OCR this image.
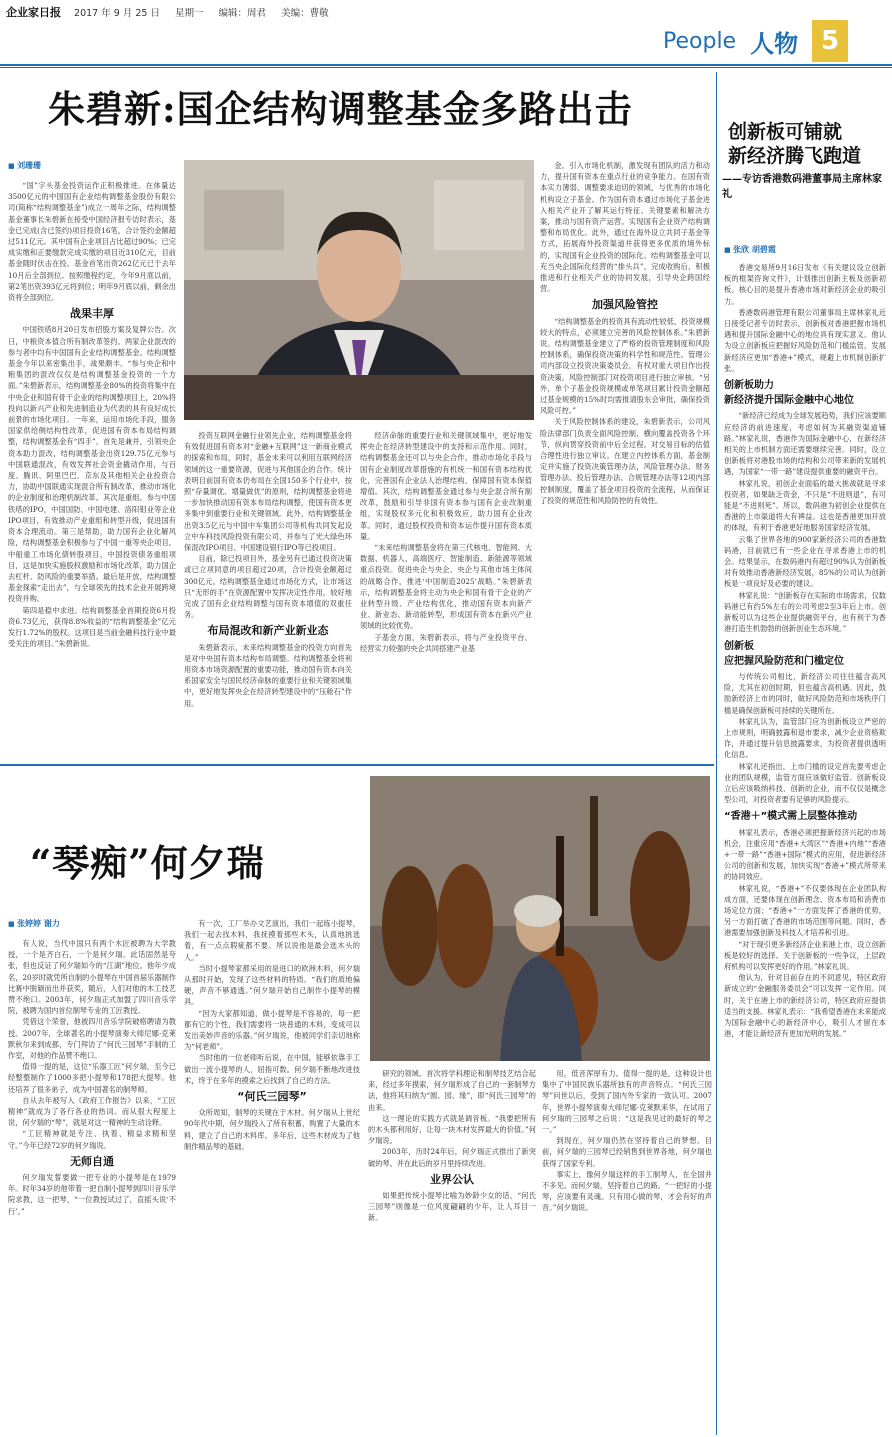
企业家日报 2017 年 9 月 25 日 星期一 编辑：周君 美编：曹敬
People 人物 5
朱碧新:国企结构调整基金多路出击
■ 刘珊珊

“国”字头基金投资运作正积极推进。在体量达3500亿元的中国国有企业结构调整基金股份有限公司(简称“结构调整基金”)成立一周年之际，结构调整基金董事长朱碧新在接受中国经济报专访时表示，基金已完成(含已签约)项目投资16笔，合计签约金额超过511亿元。其中国有企业项目占比超过90%；已完成实缴和正要缴款完成实缴的项目近310亿元，目前基金随时伏击在投。基金首笔出资262亿元已于去年10月后全部到位。按照缴程约定，今年9月底以前，第2笔出资393亿元将到位；明年9月底以前，剩余出资将全部到位。

战果丰厚

中国铁塔8月20日发布招股方案及复牌公告。次日，中粮资本值合所有制改革签约。两家企业混改的参与者中均有中国国有企业结构调整基金。结构调整基金今年以来密集出手，战果颇丰。“参与央企和中粮集团的混改仅仅是结构调整基金投资的一个方面。”朱碧新表示，结构调整基金80%的投资将集中在中央企业和国有骨干企业的结构调整项目上，20%将投向以新兴产业和先进制造业为代表的具有良好成长前景的市场化项目。一年来，运用市场化手段，服务国家供给侧结构性改革，促进国有资本布局结构调整，结构调整基金有“四手”。首先是兼并，引领央企资本助力混改，结构调整基金出资129.75亿元参与中国联通混改，有效发挥社会资金撬动作用，与百度、腾讯、阿里巴巴、京东及其他相关企业投资合力，协助中国联通实现混合所有制改革，推动市场化的企业制度和治理机制改革。其次是重组。参与中国铁塔的IPO，中国国防、中国电建、洛阳钼业等企业IPO项目，有效推动产业重组和转型升级，促进国有资本合理流动。第三是帮助，助力国有企业化解风险，结构调整基金积极参与了中国一重等央企项目，中船重工市场化债转股项目、中国投资债务重组项目，这是加快实施股权激励和市场化改革，助力国企去杠杆、防风险的重要举措。最后是开放，结构调整基金探索“走出去”，与全球领先的技术企业开展跨境投资并购。

第四是稳中求进。结构调整基金首期投资6月投资6.73亿元，获得8.8%收益的“结构调整基金”亿元发行1.72%的股权。这项目是当前金融科技行业中最受关注的项目。”朱碧新说。

投资互联网金融行业领先企业，结构调整基金将有效促进国有资本对“金融+互联网”这一新商业模式的探索和布局，同时，基金未来可以利用互联网经济领域的这一重要资源，促进与其他国企的合作。统计表明目前国有资本仍布局在全国150多个行业中，按照“存量调优、增量做优”的原则，结构调整基金将进一步加快推动国有资本布局结构调整，使国有资本更多集中到重要行业和关键领域。此外，结构调整基金出资3.5亿元与中国中车集团公司等机构共同发起设立中车科技风险投资有限公司，并参与了光大绿色环保混改IPO项目、中国建设银行IPO等已投项目。

目前，除已投项目外，基金另有已通过投资决策或已立项同意的项目超过20项，合计投资金额超过300亿元。结构调整基金通过市场化方式，让市场这只“无形的手”在资源配置中发挥决定性作用，较好地完成了国有企业结构调整与国有资本增值的双重任务。

布局混改和新产业新业态

朱碧新表示，未来结构调整基金的投资方向首先是对中央国有资本结构布局调整。结构调整基金将利用资本市场资源配置的重要功能，推动国有资本向关系国家安全与国民经济命脉的重要行业和关键领域集中，更好地发挥央企在经济转型建设中的“压舱石”作用。

经济命脉的重要行业和关键领域集中，更好地发挥央企在经济转型建设中的支持和示范作用。同时，结构调整基金还可以与央企合作，推动市场化手段与国有企业制度改革措施的有机统一和国有资本结构优化，完善国有企业法人治理结构，保障国有资本保值增值。其次，结构调整基金通过参与央企混合所有制改革，鼓励和引导非国有资本参与国有企业改制重组，实现股权多元化和积极效应，助力国有企业改革。同时，通过股权投资和资本运作提升国有资本质量。

“未来结构调整基金将在第三代核电、智能网、大数据、机器人、高端医疗、智能制造、新能源等领域重点投资。促进央企与央企、央企与其他市场主体间的战略合作，推进‘中国制造2025’战略。”朱碧新表示，结构调整基金将主动为央企和国有骨干企业的产业转型升级、产业结构优化，推动国有资本向新产业、新业态、新动能转型，形成国有资本在新兴产业领域的比较优势。

子基金方面，朱碧新表示，将与产业投资平台、经营实力较强的央企共同搭建产业基

金。引入市场化机制，激发现有团队的活力和动力，提升国有资本在重点行业的竞争能力。在国有资本实力薄弱、调整要求迫切的领域，与优秀的市场化机构设立子基金。作为国有资本通过市场化子基金进入相关产业开了解其运行特征、关键要素和解决方案，推动与国有资产运营。实现国有企业资产结构调整和布局优化。此外，通过在海外设立共同子基金等方式，拓展海外投资渠道并获得更多优质的境外标的，实现国有企业投资的国际化。结构调整基金可以充当央企国际化经营的“排头兵”，完成收购后，积极推进和行业相关产业的协同发展，引导央企跨国经营。

加强风险管控

“结构调整基金的投资具有流动性较低、投资规模较大的特点，必须建立完善的风险控制体系。”朱碧新说。结构调整基金建立了严格的投资管理制度和风险控制体系，确保投资决策的科学性和规范性。管理公司内部设立投资决策委员会，有权对重大项目作出投资决策。风险控制部门对投资项目进行独立审核。“另外，单个子基金投资规模或单笔项目累计投资金额超过基金规模的15%时均需报请股东会审批，确保投资风险可控。”

关于风险控制体系的建设，朱碧新表示，公司风险法律部门负责全面风险控制，横向覆盖投资各个环节，纵向贯穿投资前中后全过程。对交易目标的估值合理性进行独立审议。在建立内控体系方面，基金制定并实施了投资决策管理办法，风险管理办法、财务管理办法、投后管理办法、合规管理办法等12项内部控制制度，覆盖了基金项目投资的全流程，从而保证了投资的规范性和风险防控的有效性。

“琴痴”何夕瑞
■ 张婷婷 谢力

有人说，当代中国只有两个木匠被聘为大学教授，一个是齐白石，一个是何夕瑞。此话固然是夸张，但也反证了何夕瑞如今的“江湖”地位。他年少成名，20岁时就凭所自制的小提琴在中国首届乐器制作比赛中脱颖而出并获奖，随后，人们对他的木工技艺赞不绝口。2003年，何夕瑞正式加盟了四川音乐学院，被聘为国内首位制琴专业的工匠教授。

凭借这个荣誉，他被四川音乐学院破格聘请为教授。2007年，全球著名的小提琴演奏大师尼娜·克莱默秋尔来到成都，专门拜访了“何氏三园琴”手制的工作室，对他的作品赞不绝口。

值得一提的是，这位“乐器工匠”何夕瑞，至今已经整整制作了1000多把小提琴和178把大提琴。他还培养了很多弟子，成为中国著名的制琴师。

自从去年被写入《政府工作报告》以来，“工匠精神”就成为了各行各业的热词。而从很大程度上说，何夕瑞的“琴”，就是对这一精神的生动诠释。

“工匠精神就是专注、执着、精益求精和坚守。”今年已经72岁的何夕瑞说。

无师自通

何夕瑞发誓要做一把专业的小提琴是在1979年。时年34岁的他带着一把自制小提琴到四川音乐学院求教，这一把琴，“一位教授试过了，直摇头说‘不行’。”

有一次，工厂举办文艺演出，我们一起练小提琴，我们一起去找木料，我抚摸着那些木头，认真地挑选着，有一点点瑕疵都不要。所以说他是最会选木头的人。”

当时小提琴家都采用的是进口的欧洲木料，何夕瑞从那时开始，发现了这些材料的特质。“我们的质地偏硬，声音不够通透。”何夕瑞开始自己制作小提琴的模具。

“因为大家都知道，做小提琴是不容易的，每一把都有它的个性，我们需要将一块普通的木料，变成可以发出美妙声音的乐器。”何夕瑞说，他被同学们亲切地称为“何老师”。

当时他的一位老师听后说，在中国，能够依靠手工做出一流小提琴的人，屈指可数。何夕瑞不断地改进技术，终于在多年的摸索之后找到了自己的方法。

“何氏三园琴”

众所周知，制琴的关键在于木材。何夕瑞从上世纪90年代中期，何夕瑞投入了所有积蓄，购置了大量的木料，建立了自己的木料库。多年后，这些木材成为了他制作精品琴的基础。

研究的领域。首次将学科理论和制琴技艺结合起来，经过多年摸索，何夕瑞形成了自己的一套制琴方法，他将其归纳为“圆、园、缘”，即“何氏三园琴”的由来。

这一理论的实践方式就是调音板。“我要把所有的木头都利用好，让每一块木材发挥最大的价值。”何夕瑞说。

2003年，历时24年后，何夕瑞正式推出了新突破的琴。并在此后的岁月里持续改进。

业界公认

如果把传统小提琴比喻为妙龄少女的话，“何氏三园琴”则像是一位风度翩翩的少年，让人耳目一新。

用，低音浑厚有力。值得一提的是，这种设计也集中了中国民族乐器所独有的声音特点。“何氏三园琴”问世以后，受到了国内外专家的一致认可。2007年，世界小提琴演奏大师尼娜·克莱默来华，在试用了何夕瑞的三园琴之后说：“这是我见过的最好的琴之一。”

到现在，何夕瑞仍然在坚持着自己的梦想。目前，何夕瑞的三园琴已经销售到世界各地，何夕瑞也获得了国家专利。

事实上，像何夕瑞这样的手工制琴人，在全国并不多见。而何夕瑞，坚持着自己的路。“一把好的小提琴，应该要有灵魂。只有用心做的琴，才会有好的声音。”何夕瑞说。

创新板可铺就
新经济腾飞跑道
——专访香港数码港董事局主席林家礼
■ 张欣 胡碧霞

香港交易所9月16日发布《有关建议设立创新板的框架咨询文件》，计划推出创新主板及创新初板。核心目的是提升香港市场对新经济企业的吸引力。

香港数码港管理有限公司董事局主席林家礼近日接受记者专访时表示，创新板对香港把握市场机遇和提升国际金融中心的地位具有现实意义。他认为设立创新板应把握好风险防范和门槛监管，发展新经济应更加“香港+”模式，规避上市机制创新扩张。

创新板助力
新经济提升国际金融中心地位

“新经济已经成为全球发展趋势，我们应该要顺应经济的前进速度，考虑如何为其融资渠道铺路。”林家礼说，香港作为国际金融中心，在新经济相关的上市机制方面还需要继续完善。同时，设立创新板将对港股市场的结构和公司带来新的发展机遇，为国家“一带一路”建设提供重要的融资平台。

林家礼说，初创企业面临的最大挑战就是寻求投资者，如果缺乏资金，不只是“不进则退”，有可能是“不进则死”。所以，数码港为初创企业提供在香港的上市渠道将大有裨益。这也是香港更加开放的体现，有利于香港更好地服务国家经济发展。

云集了世界各地的900家新经济公司的香港数码港，目前就已有一些企业在寻求香港上市的机会。结果显示，在数码港内有超过90%认为创新板对有效推动香港新经济发展，85%的公司认为创新板是一项良好及必要的建议。

林家礼说：“创新板存在实际的市场需求，仅数码港已有约5%左右的公司考虑2至3年后上市。创新板可以为这些企业提供融资平台，也有利于为香港打造生机勃勃的创新创业生态环境。”

创新板
应把握风险防范和门槛定位

与传统公司相比，新经济公司往往蕴含高风险，尤其在初创时期，但也蕴含高机遇。因此，鼓励新经济上市的同时，做好风险防范和市场秩序门槛是确保创新板可持续的关键所在。

林家礼认为，监管部门应为创新板设立严密的上市规则，明确披露和退市要求，减少企业资格欺诈，并通过提升信息披露要求，为投资者提供透明化信息。

林家礼还指出，上市门槛的设定首先要考虑企业的团队规模，监管方面应该做好监管。创新板设立后应该吸纳科技、创新的企业，而不仅仅是概念型公司，对投资者要有足够的风险提示。

“香港＋”模式需上层整体推动

林家礼表示，香港必须把握新经济兴起的市场机会，注重应用“香港+大湾区”“香港+内地”“香港+一带一路”“香港+国际”模式的应用，促进新经济公司的创新和发展，加快实现“香港+”模式所带来的协同效应。

林家礼说，“香港+”不仅要体现在企业团队构成方面，还要体现在创新理念、资本布局和消费市场定位方面；“香港+”一方面发挥了香港的优势，另一方面打破了香港的市场范围等问题。同时，香港需要加强创新及科技人才培养和引进。

“对于现引更多新经济企业来港上市，设立创新板是较好的选择。关于创新板的一些争议，上层政府机构可以发挥更好的作用。”林家礼说。

他认为，针对目前存在的不同意见，特区政府新成立的“金融服务委员会”可以发挥一定作用。同时，关于在港上市的新经济公司，特区政府应提供适当的支援。林家礼表示：“我希望香港在未来能成为国际金融中心的新经济中心，吸引人才留在本港，才能让新经济有更加光明的发展。”
